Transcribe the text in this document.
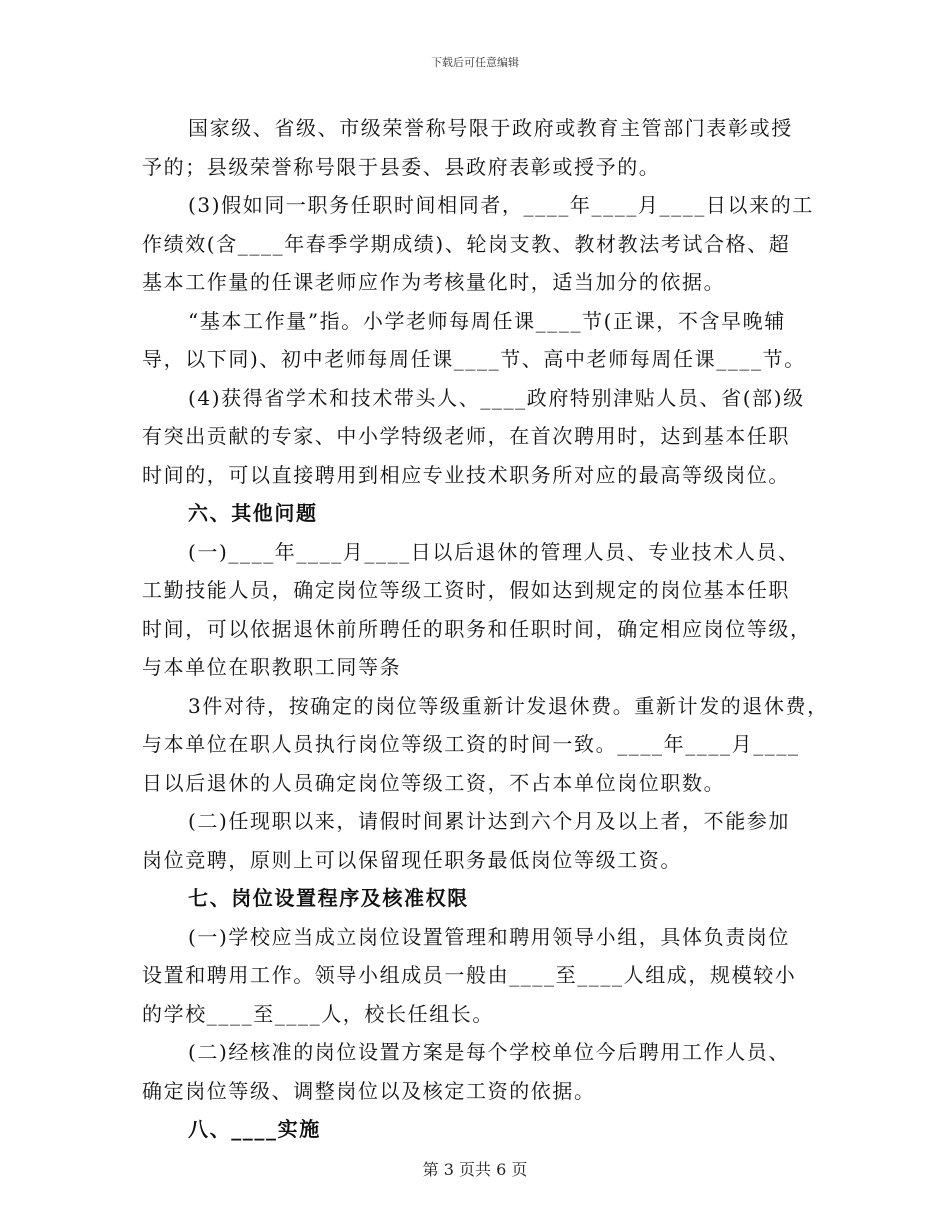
下载后可任意编辑
国家级、省级、市级荣誉称号限于政府或教育主管部门表彰或授
予的；县级荣誉称号限于县委、县政府表彰或授予的。
(3)假如同一职务任职时间相同者，____年____月____日以来的工
作绩效(含____年春季学期成绩)、轮岗支教、教材教法考试合格、超
基本工作量的任课老师应作为考核量化时，适当加分的依据。
“基本工作量”指。小学老师每周任课____节(正课，不含早晚辅
导，以下同)、初中老师每周任课____节、高中老师每周任课____节。
(4)获得省学术和技术带头人、____政府特别津贴人员、省(部)级
有突出贡献的专家、中小学特级老师，在首次聘用时，达到基本任职
时间的，可以直接聘用到相应专业技术职务所对应的最高等级岗位。
六、其他问题
(一)____年____月____日以后退休的管理人员、专业技术人员、
工勤技能人员，确定岗位等级工资时，假如达到规定的岗位基本任职
时间，可以依据退休前所聘任的职务和任职时间，确定相应岗位等级，
与本单位在职教职工同等条
3件对待，按确定的岗位等级重新计发退休费。重新计发的退休费，
与本单位在职人员执行岗位等级工资的时间一致。____年____月____
日以后退休的人员确定岗位等级工资，不占本单位岗位职数。
(二)任现职以来，请假时间累计达到六个月及以上者，不能参加
岗位竞聘，原则上可以保留现任职务最低岗位等级工资。
七、岗位设置程序及核准权限
(一)学校应当成立岗位设置管理和聘用领导小组，具体负责岗位
设置和聘用工作。领导小组成员一般由____至____人组成，规模较小
的学校____至____人，校长任组长。
(二)经核准的岗位设置方案是每个学校单位今后聘用工作人员、
确定岗位等级、调整岗位以及核定工资的依据。
八、____实施
第 3 页共 6 页
